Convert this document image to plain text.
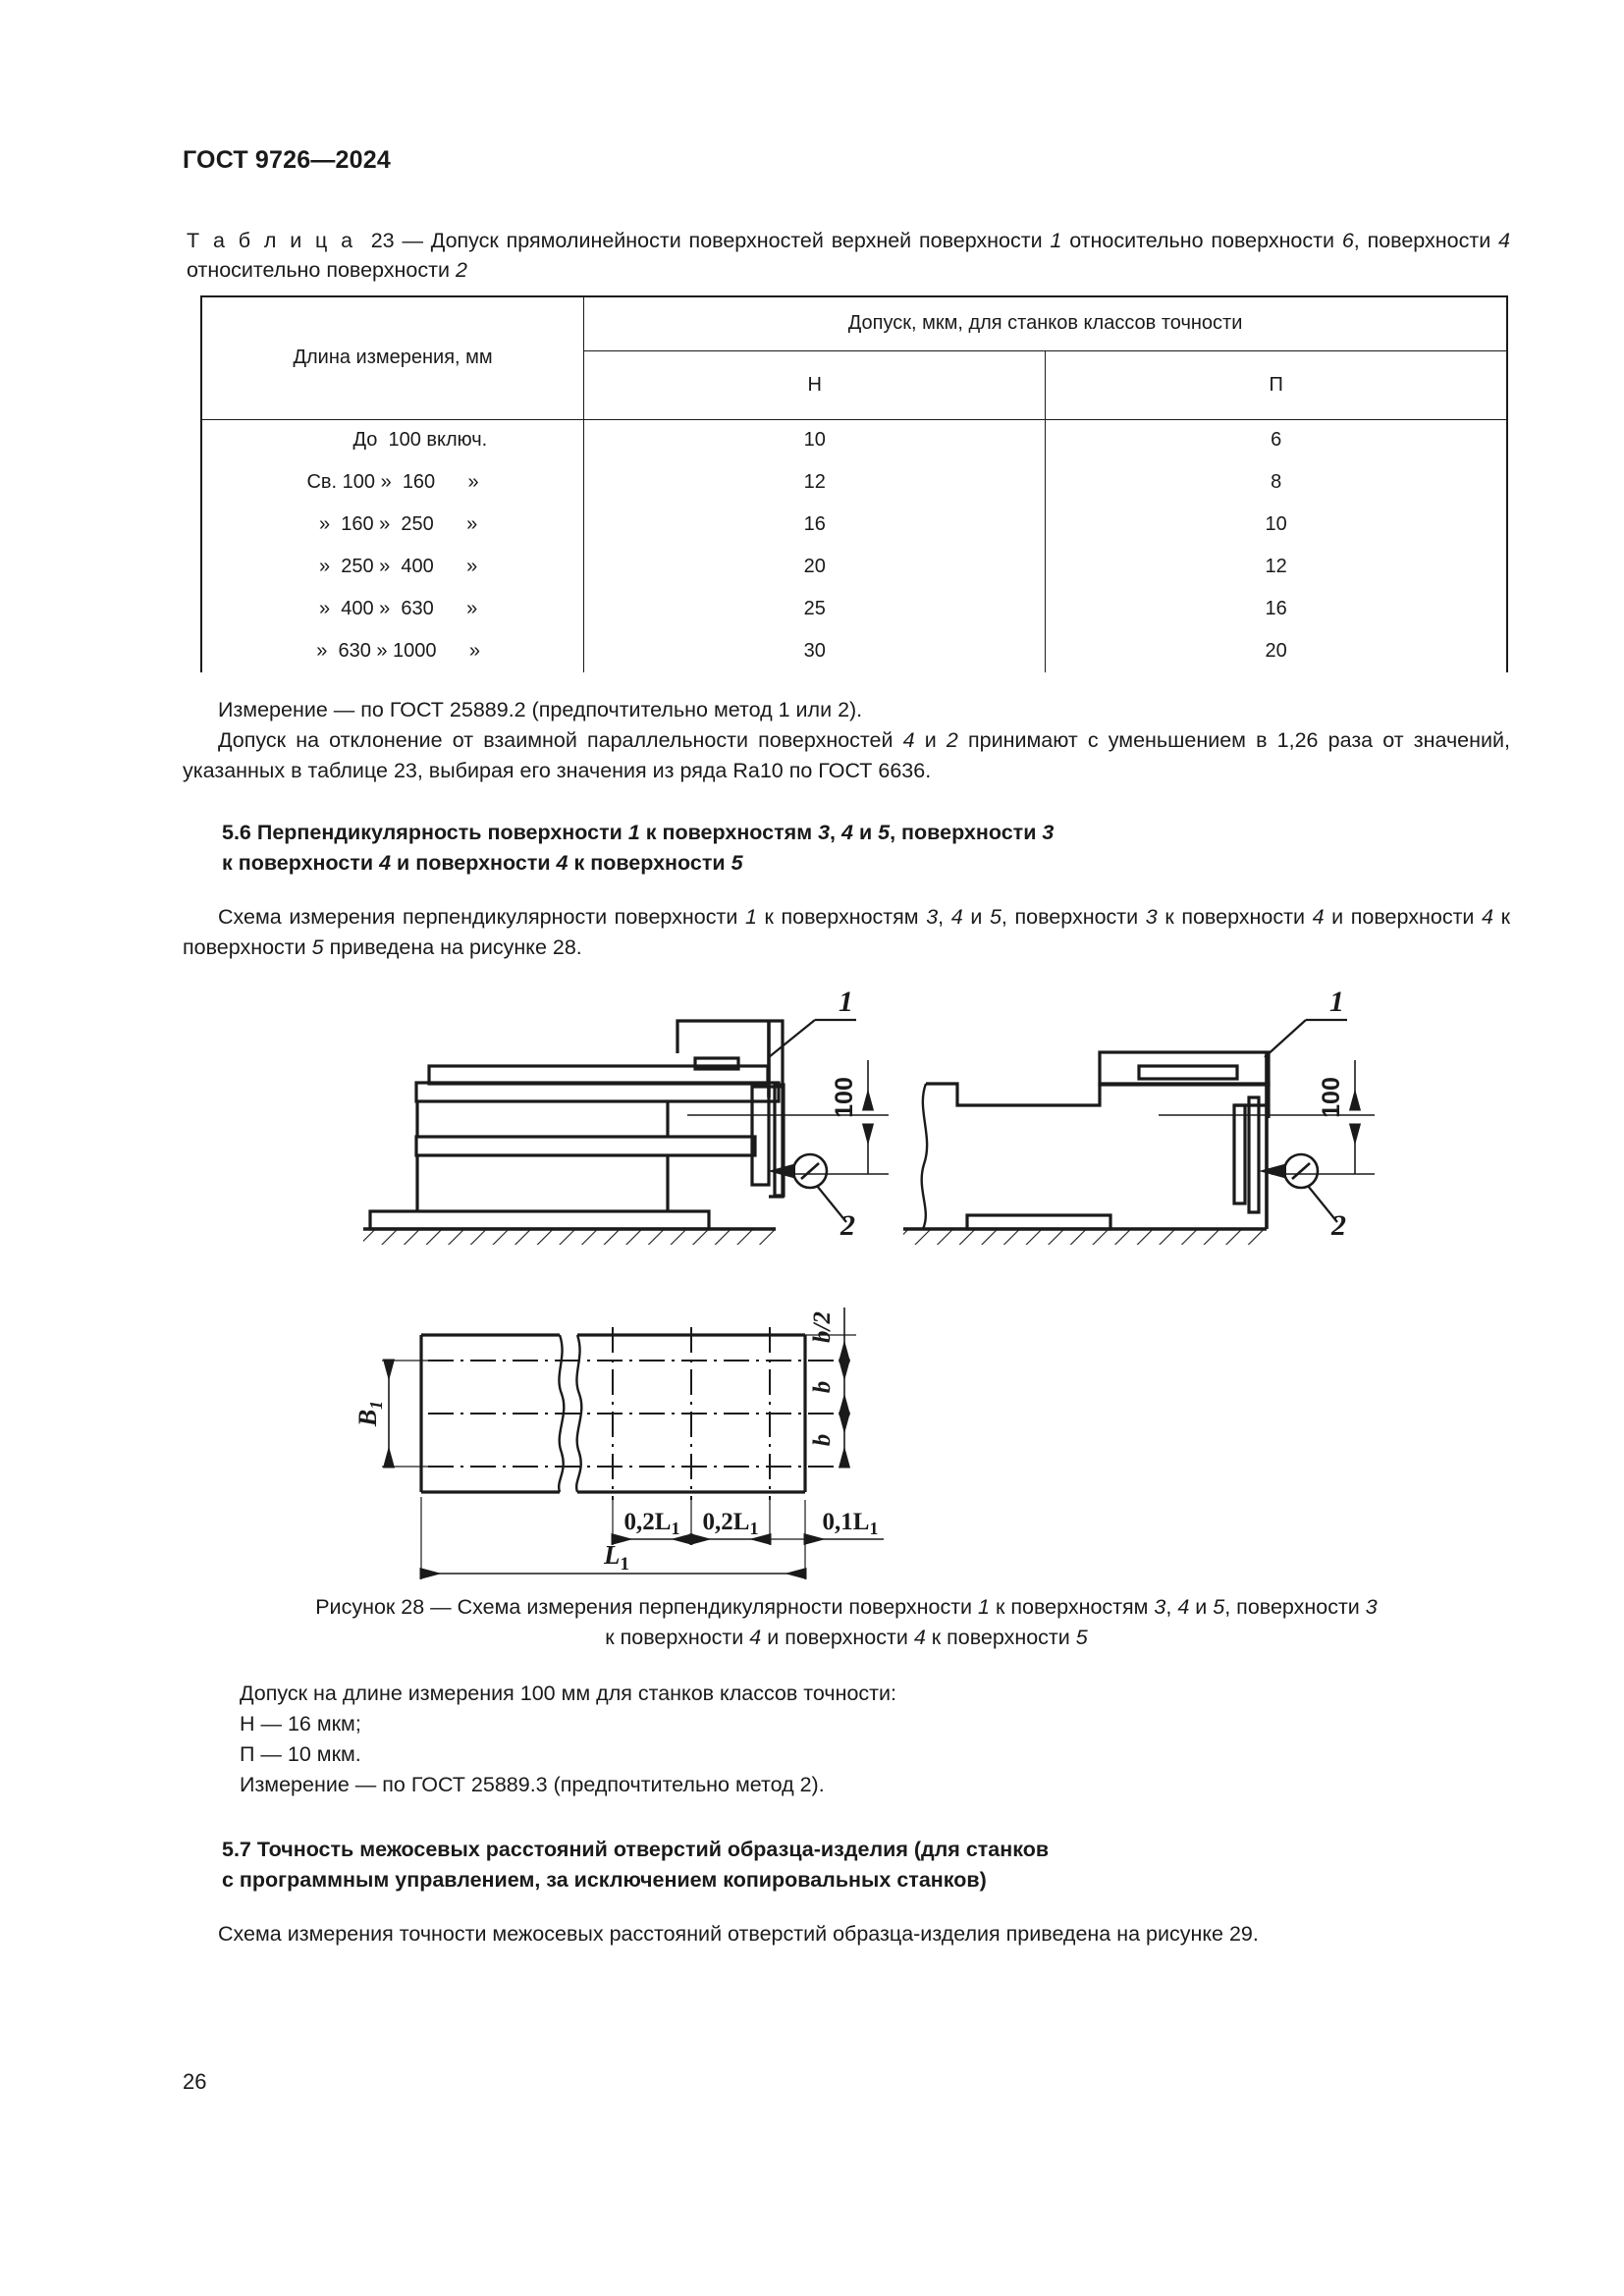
ГОСТ 9726—2024
Т а б л и ц а 23 — Допуск прямолинейности поверхностей верхней поверхности 1 относительно поверхности 6, поверхности 4 относительно поверхности 2
Длина измерения, мм	Допуск, мкм, для станков классов точности	
	Н	П
До  100 включ.	10	6
Св. 100 »  160      »	12	8
»  160 »  250      »	16	10
»  250 »  400      »	20	12
»  400 »  630      »	25	16
»  630 » 1000      »	30	20
Измерение — по ГОСТ 25889.2 (предпочтительно метод 1 или 2).
Допуск на отклонение от взаимной параллельности поверхностей 4 и 2 принимают с уменьшением в 1,26 раза от значений, указанных в таблице 23, выбирая его значения из ряда Ra10 по ГОСТ 6636.
5.6 Перпендикулярность поверхности 1 к поверхностям 3, 4 и 5, поверхности 3
к поверхности 4 и поверхности 4 к поверхности 5
Схема измерения перпендикулярности поверхности 1 к поверхностям 3, 4 и 5, поверхности 3 к поверхности 4 и поверхности 4 к поверхности 5 приведена на рисунке 28.
100
1
2
100
1
2
$B_1$
b/2
b
b
$0,2L_1$ $0,2L_1$	$0,1L_1$
$L_1$
Рисунок 28 — Схема измерения перпендикулярности поверхности 1 к поверхностям 3, 4 и 5, поверхности 3
к поверхности 4 и поверхности 4 к поверхности 5
Допуск на длине измерения 100 мм для станков классов точности:
Н — 16 мкм;
П — 10 мкм.
Измерение — по ГОСТ 25889.3 (предпочтительно метод 2).
5.7 Точность межосевых расстояний отверстий образца-изделия (для станков
с программным управлением, за исключением копировальных станков)
Схема измерения точности межосевых расстояний отверстий образца-изделия приведена на рисунке 29.
26
